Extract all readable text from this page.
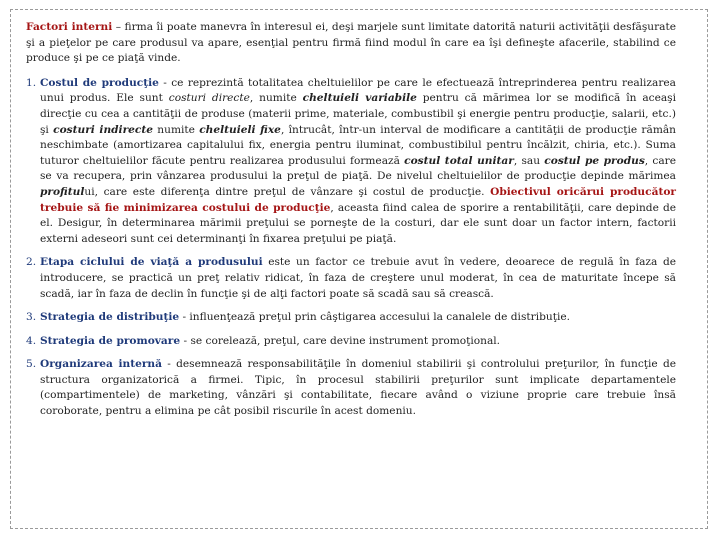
Factori interni – firma îi poate manevra în interesul ei, deşi marjele sunt limitate datorită naturii activităţii desfăşurate şi a pieţelor pe care produsul va apare, esenţial pentru firmă fiind modul în care ea îşi defineşte afacerile, stabilind ce produce şi pe ce piaţă vinde.

1. Costul de producţie - ce reprezintă totalitatea cheltuielilor pe care le efectuează întreprinderea pentru realizarea unui produs. Ele sunt costuri directe, numite cheltuieli variabile pentru că mărimea lor se modifică în aceaşi direcţie cu cea a cantităţii de produse (materii prime, materiale, combustibil şi energie pentru producţie, salarii, etc.) şi costuri indirecte numite cheltuieli fixe, întrucât, într-un interval de modificare a cantităţii de producţie rămân neschimbate (amortizarea capitalului fix, energia pentru iluminat, combustibilul pentru încălzit, chiria, etc.). Suma tuturor cheltuielilor făcute pentru realizarea produsului formează costul total unitar, sau costul pe produs, care se va recupera, prin vânzarea produsului la preţul de piaţă. De nivelul cheltuielilor de producţie depinde mărimea profitului, care este diferenţa dintre preţul de vânzare şi costul de producţie. Obiectivul oricărui producător trebuie să fie minimizarea costului de producţie, aceasta fiind calea de sporire a rentabilităţii, care depinde de el. Desigur, în determinarea mărimii preţului se porneşte de la costuri, dar ele sunt doar un factor intern, factorii externi adeseori sunt cei determinanţi în fixarea preţului pe piaţă.
2. Etapa ciclului de viaţă a produsului este un factor ce trebuie avut în vedere, deoarece de regulă în faza de introducere, se practică un preţ relativ ridicat, în faza de creştere unul moderat, în cea de maturitate începe să scadă, iar în faza de declin în funcţie şi de alţi factori poate să scadă sau să crească.
3. Strategia de distribuţie - influenţează preţul prin câştigarea accesului la canalele de distribuţie.
4. Strategia de promovare - se corelează, preţul, care devine instrument promoţional.
5. Organizarea internă - desemnează responsabilităţile în domeniul stabilirii şi controlului preţurilor, în funcţie de structura organizatorică a firmei. Tipic, în procesul stabilirii preţurilor sunt implicate departamentele (compartimentele) de marketing, vânzări şi contabilitate, fiecare având o viziune proprie care trebuie însă coroborate, pentru a elimina pe cât posibil riscurile în acest domeniu.
